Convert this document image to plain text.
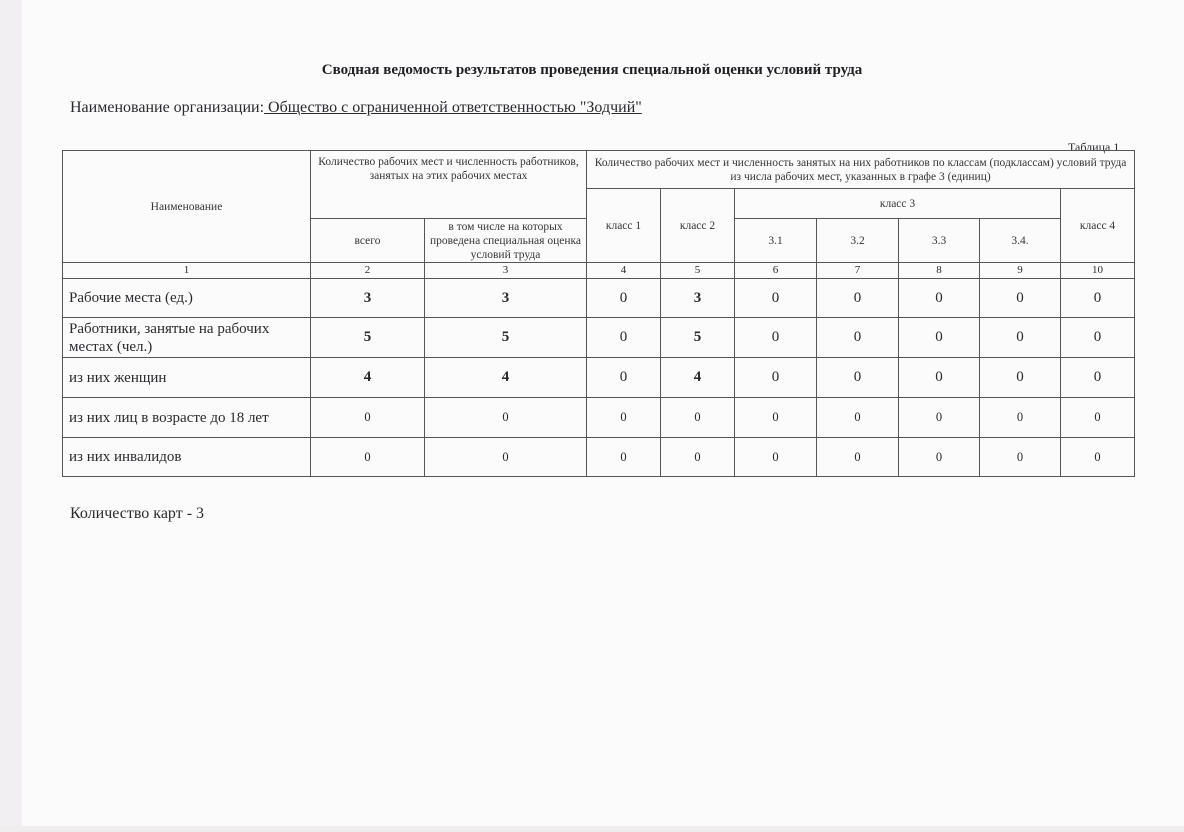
Сводная ведомость результатов проведения специальной оценки условий труда
Наименование организации: Общество с ограниченной ответственностью "Зодчий"
Таблица 1
Наименование	Количество рабочих мест и численность работников, занятых на этих рабочих местах		Количество рабочих мест и численность занятых на них работников по классам (подклассам) условий труда из числа рабочих мест, указанных в графе 3 (единиц)						
			класс 1	класс 2	класс 3				класс 4
	всего	в том числе на которых проведена специальная оценка условий труда			3.1	3.2	3.3	3.4.	
1	2	3	4	5	6	7	8	9	10
Рабочие места (ед.)	3	3	0	3	0	0	0	0	0
Работники, занятые на рабочих местах (чел.)	5	5	0	5	0	0	0	0	0
из них женщин	4	4	0	4	0	0	0	0	0
из них лиц в возрасте до 18 лет	0	0	0	0	0	0	0	0	0
из них инвалидов	0	0	0	0	0	0	0	0	0
Количество карт - 3
